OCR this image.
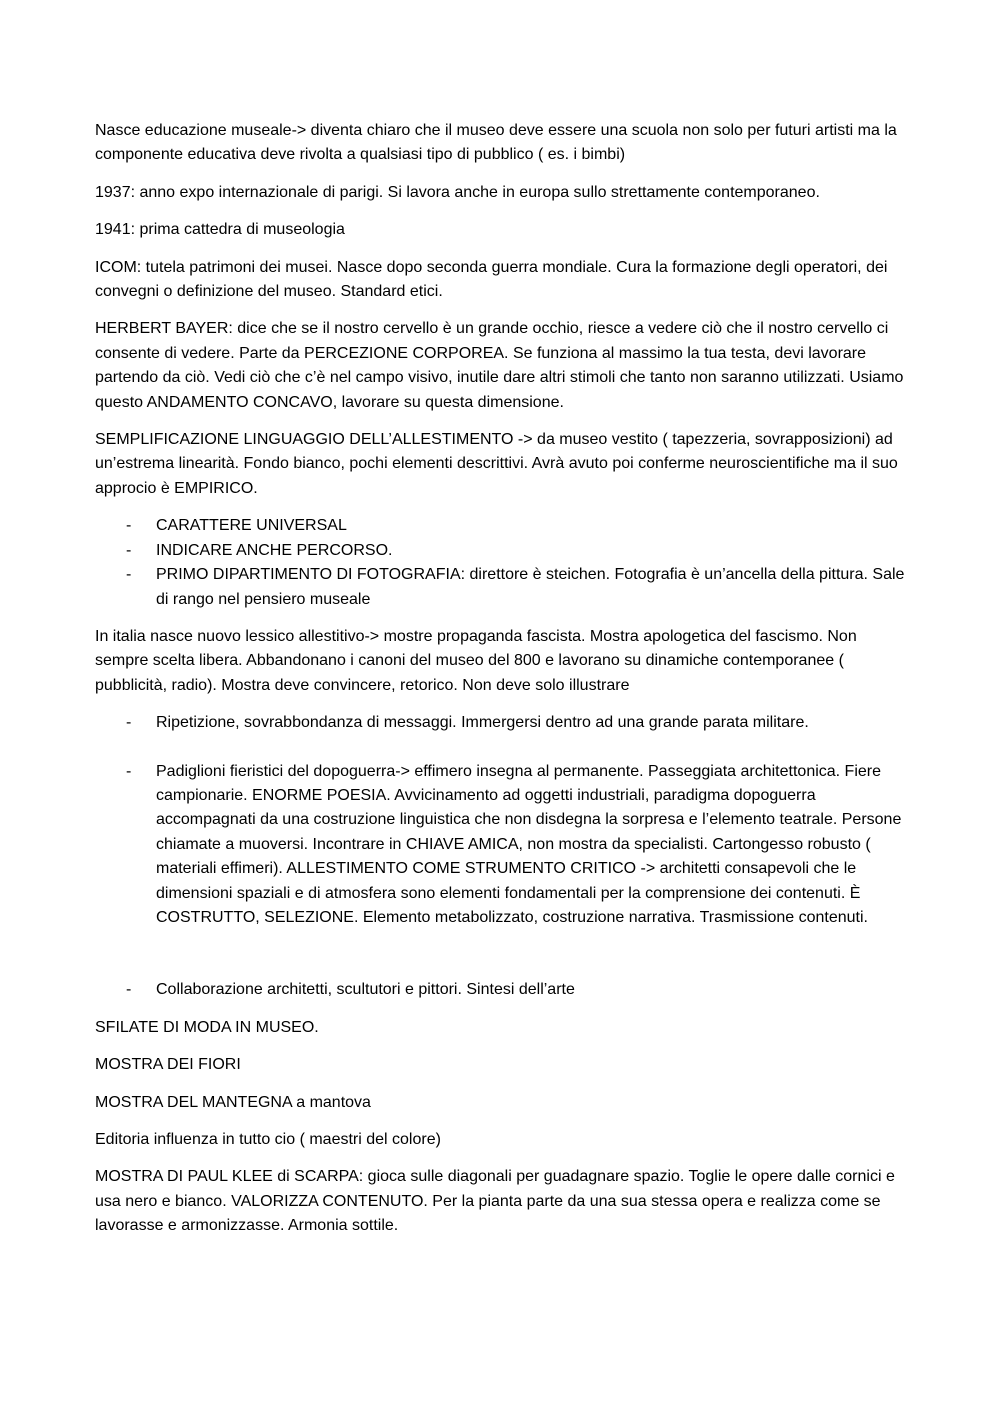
Nasce educazione museale-> diventa chiaro che il museo deve essere una scuola non solo per futuri artisti ma la componente educativa deve rivolta a qualsiasi tipo di pubblico ( es. i bimbi)

1937: anno expo internazionale di parigi. Si lavora anche in europa sullo strettamente contemporaneo.

1941: prima cattedra di museologia

ICOM: tutela patrimoni dei musei. Nasce dopo seconda guerra mondiale. Cura la formazione degli operatori, dei convegni o definizione del museo. Standard etici.

HERBERT BAYER: dice che se il nostro cervello è un grande occhio, riesce a vedere ciò che il nostro cervello ci consente di vedere. Parte da PERCEZIONE CORPOREA. Se funziona al massimo la tua testa, devi lavorare partendo da ciò. Vedi ciò che c’è nel campo visivo, inutile dare altri stimoli che tanto non saranno utilizzati. Usiamo questo ANDAMENTO CONCAVO, lavorare su questa dimensione.

SEMPLIFICAZIONE LINGUAGGIO DELL’ALLESTIMENTO -> da museo vestito ( tapezzeria, sovrapposizioni) ad un’estrema linearità. Fondo bianco, pochi elementi descrittivi. Avrà avuto poi conferme neuroscientifiche ma il suo approcio è EMPIRICO.

- CARATTERE UNIVERSAL
- INDICARE ANCHE PERCORSO.
- PRIMO DIPARTIMENTO DI FOTOGRAFIA: direttore è steichen. Fotografia è un’ancella della pittura. Sale di rango nel pensiero museale

In italia nasce nuovo lessico allestitivo-> mostre propaganda fascista. Mostra apologetica del fascismo. Non sempre scelta libera. Abbandonano i canoni del museo del 800 e lavorano su dinamiche contemporanee ( pubblicità, radio). Mostra deve convincere, retorico. Non deve solo illustrare

- Ripetizione, sovrabbondanza di messaggi. Immergersi dentro ad una grande parata militare.
- Padiglioni fieristici del dopoguerra-> effimero insegna al permanente. Passeggiata architettonica. Fiere campionarie. ENORME POESIA. Avvicinamento ad oggetti industriali, paradigma dopoguerra accompagnati da una costruzione linguistica che non disdegna la sorpresa e l’elemento teatrale. Persone chiamate a muoversi. Incontrare in CHIAVE AMICA, non mostra da specialisti. Cartongesso robusto ( materiali effimeri). ALLESTIMENTO COME STRUMENTO CRITICO -> architetti consapevoli che le dimensioni spaziali e di atmosfera sono elementi fondamentali per la comprensione dei contenuti. È COSTRUTTO, SELEZIONE. Elemento metabolizzato, costruzione narrativa. Trasmissione contenuti.
- Collaborazione architetti, scultutori e pittori. Sintesi dell’arte

SFILATE DI MODA IN MUSEO.

MOSTRA DEI FIORI

MOSTRA DEL MANTEGNA a mantova

Editoria influenza in tutto cio ( maestri del colore)

MOSTRA DI PAUL KLEE di SCARPA: gioca sulle diagonali per guadagnare spazio. Toglie le opere dalle cornici e usa nero e bianco. VALORIZZA CONTENUTO. Per la pianta parte da una sua stessa opera e realizza come se lavorasse e armonizzasse. Armonia sottile.
